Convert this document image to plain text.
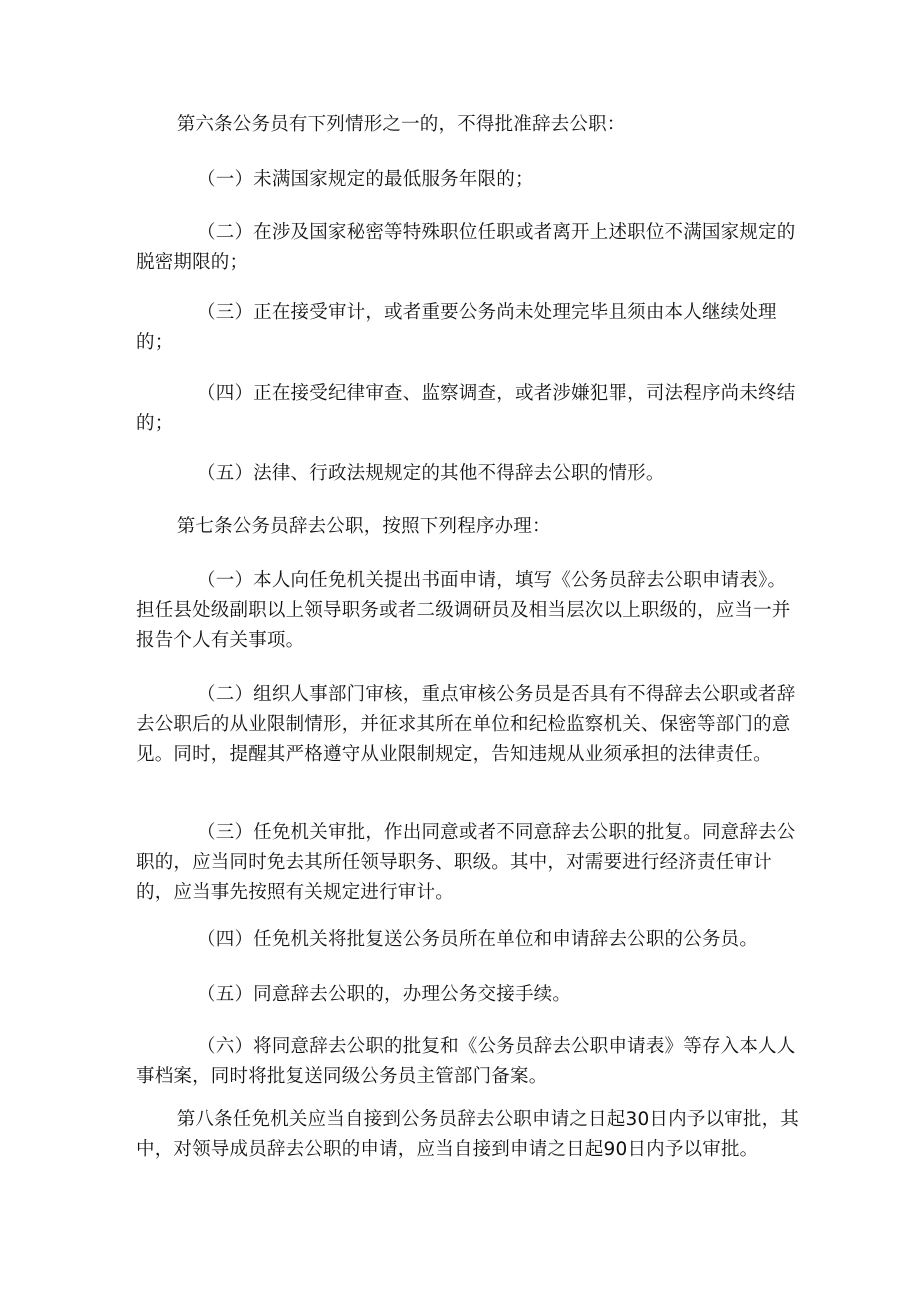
第六条公务员有下列情形之一的，不得批准辞去公职：

（一）未满国家规定的最低服务年限的；

（二）在涉及国家秘密等特殊职位任职或者离开上述职位不满国家规定的脱密期限的；

（三）正在接受审计，或者重要公务尚未处理完毕且须由本人继续处理的；

（四）正在接受纪律审查、监察调查，或者涉嫌犯罪，司法程序尚未终结的；

（五）法律、行政法规规定的其他不得辞去公职的情形。

第七条公务员辞去公职，按照下列程序办理：

（一）本人向任免机关提出书面申请，填写《公务员辞去公职申请表》。担任县处级副职以上领导职务或者二级调研员及相当层次以上职级的，应当一并报告个人有关事项。

（二）组织人事部门审核，重点审核公务员是否具有不得辞去公职或者辞去公职后的从业限制情形，并征求其所在单位和纪检监察机关、保密等部门的意见。同时，提醒其严格遵守从业限制规定，告知违规从业须承担的法律责任。

（三）任免机关审批，作出同意或者不同意辞去公职的批复。同意辞去公职的，应当同时免去其所任领导职务、职级。其中，对需要进行经济责任审计的，应当事先按照有关规定进行审计。

（四）任免机关将批复送公务员所在单位和申请辞去公职的公务员。

（五）同意辞去公职的，办理公务交接手续。

（六）将同意辞去公职的批复和《公务员辞去公职申请表》等存入本人人事档案，同时将批复送同级公务员主管部门备案。

第八条任免机关应当自接到公务员辞去公职申请之日起30日内予以审批，其中，对领导成员辞去公职的申请，应当自接到申请之日起90日内予以审批。
